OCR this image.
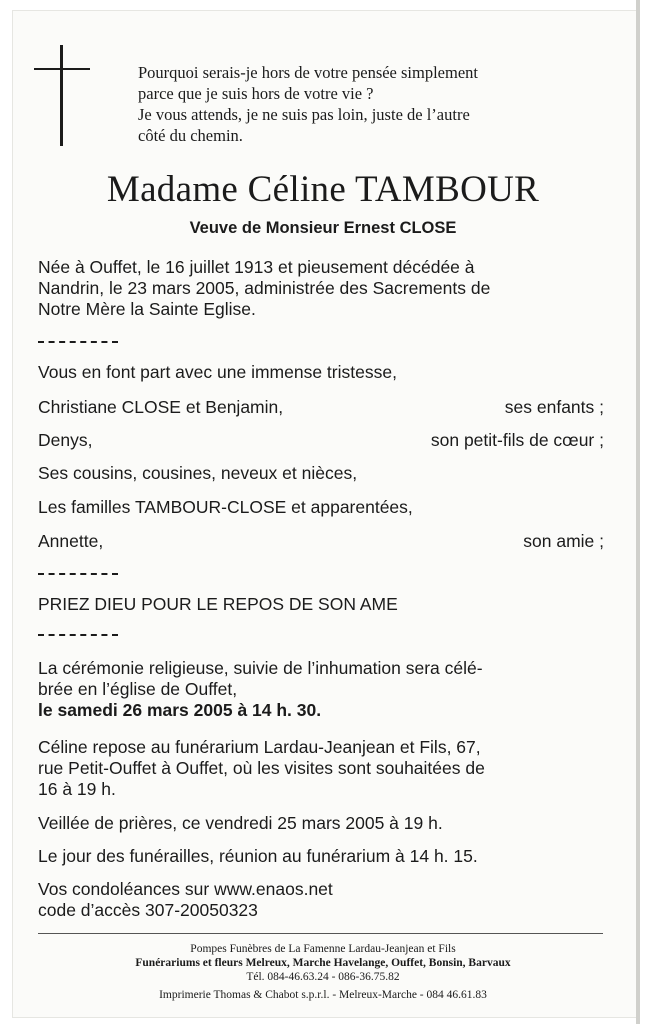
Pourquoi serais-je hors de votre pensée simplement
parce que je suis hors de votre vie ?
Je vous attends, je ne suis pas loin, juste de l’autre
côté du chemin.
Madame Céline TAMBOUR
Veuve de Monsieur Ernest CLOSE
Née à Ouffet, le 16 juillet 1913 et pieusement décédée à
Nandrin, le 23 mars 2005, administrée des Sacrements de
Notre Mère la Sainte Eglise.
Vous en font part avec une immense tristesse,
Christiane CLOSE et Benjamin,	ses enfants ;
Denys,	son petit-fils de cœur ;
Ses cousins, cousines, neveux et nièces,
Les familles TAMBOUR-CLOSE et apparentées,
Annette,	son amie ;
PRIEZ DIEU POUR LE REPOS DE SON AME
La cérémonie religieuse, suivie de l’inhumation sera célé-
brée en l’église de Ouffet,
le samedi 26 mars 2005 à 14 h. 30.
Céline repose au funérarium Lardau-Jeanjean et Fils, 67,
rue Petit-Ouffet à Ouffet, où les visites sont souhaitées de
16 à 19 h.
Veillée de prières, ce vendredi 25 mars 2005 à 19 h.
Le jour des funérailles, réunion au funérarium à 14 h. 15.
Vos condoléances sur www.enaos.net
code d’accès 307-20050323
Pompes Funèbres de La Famenne Lardau-Jeanjean et Fils
Funérariums et fleurs Melreux, Marche Havelange, Ouffet, Bonsin, Barvaux
Tél. 084-46.63.24 - 086-36.75.82
Imprimerie Thomas & Chabot s.p.r.l. - Melreux-Marche - 084 46.61.83
